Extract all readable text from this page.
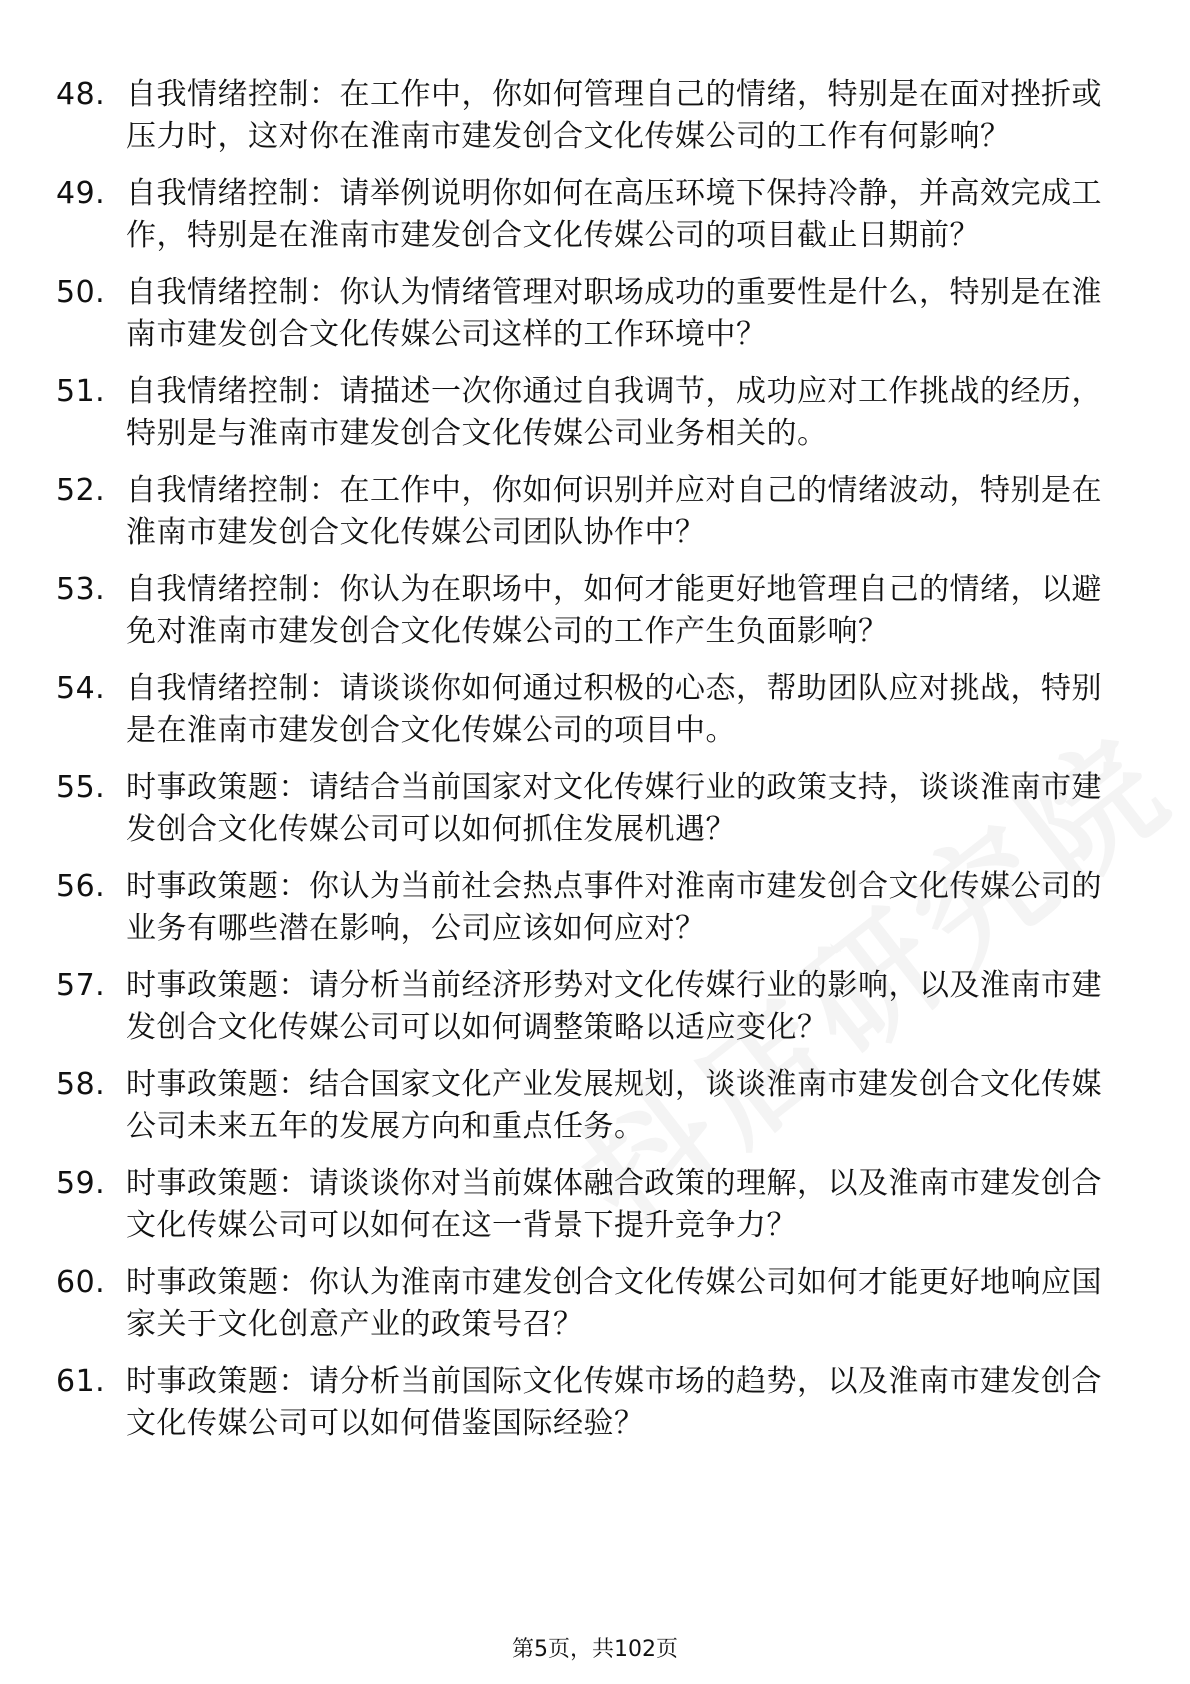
48. 自我情绪控制：在工作中，你如何管理自己的情绪，特别是在面对挫折或压力时，这对你在淮南市建发创合文化传媒公司的工作有何影响？
49. 自我情绪控制：请举例说明你如何在高压环境下保持冷静，并高效完成工作，特别是在淮南市建发创合文化传媒公司的项目截止日期前？
50. 自我情绪控制：你认为情绪管理对职场成功的重要性是什么，特别是在淮南市建发创合文化传媒公司这样的工作环境中？
51. 自我情绪控制：请描述一次你通过自我调节，成功应对工作挑战的经历，特别是与淮南市建发创合文化传媒公司业务相关的。
52. 自我情绪控制：在工作中，你如何识别并应对自己的情绪波动，特别是在淮南市建发创合文化传媒公司团队协作中？
53. 自我情绪控制：你认为在职场中，如何才能更好地管理自己的情绪，以避免对淮南市建发创合文化传媒公司的工作产生负面影响？
54. 自我情绪控制：请谈谈你如何通过积极的心态，帮助团队应对挑战，特别是在淮南市建发创合文化传媒公司的项目中。
55. 时事政策题：请结合当前国家对文化传媒行业的政策支持，谈谈淮南市建发创合文化传媒公司可以如何抓住发展机遇？
56. 时事政策题：你认为当前社会热点事件对淮南市建发创合文化传媒公司的业务有哪些潜在影响，公司应该如何应对？
57. 时事政策题：请分析当前经济形势对文化传媒行业的影响，以及淮南市建发创合文化传媒公司可以如何调整策略以适应变化？
58. 时事政策题：结合国家文化产业发展规划，谈谈淮南市建发创合文化传媒公司未来五年的发展方向和重点任务。
59. 时事政策题：请谈谈你对当前媒体融合政策的理解，以及淮南市建发创合文化传媒公司可以如何在这一背景下提升竞争力？
60. 时事政策题：你认为淮南市建发创合文化传媒公司如何才能更好地响应国家关于文化创意产业的政策号召？
61. 时事政策题：请分析当前国际文化传媒市场的趋势，以及淮南市建发创合文化传媒公司可以如何借鉴国际经验？
第5页，共102页
